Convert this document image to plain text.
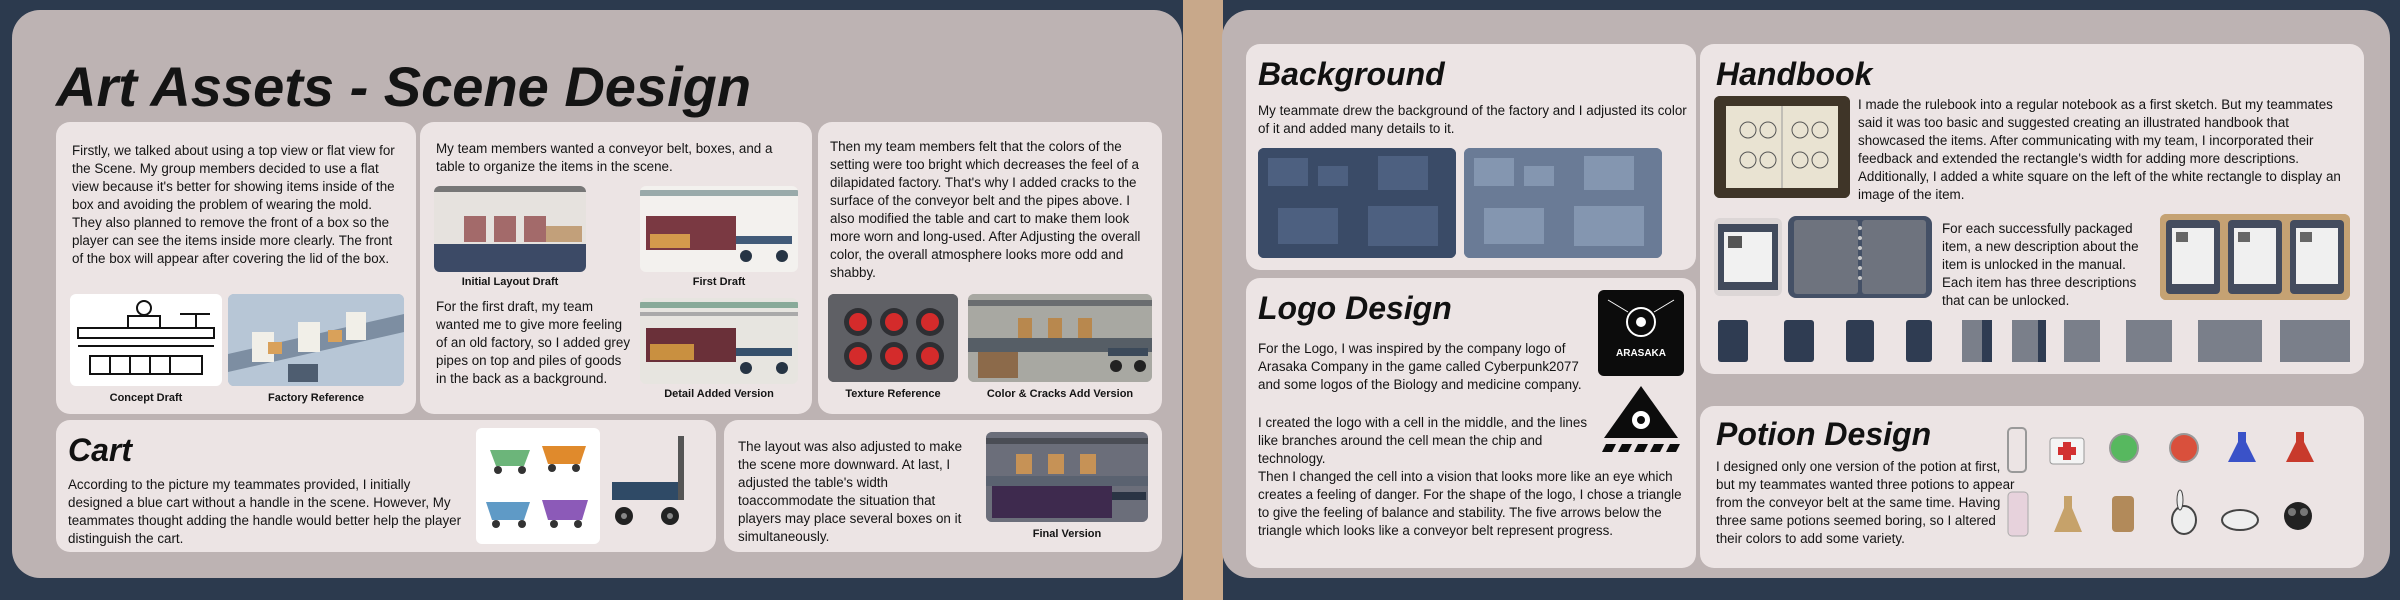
Art Assets - Scene Design
Firstly, we talked about using a top view or flat view for the Scene. My group members decided to use a flat view because it's better for showing items inside of the box and avoiding the problem of wearing the mold. They also planned to remove the front of a box so the player can see the items inside more clearly. The front of the box will appear after covering the lid of the box.
Concept Draft	Factory Reference
My team members wanted a conveyor belt, boxes, and a table to organize the items in the scene.
Initial Layout Draft	First Draft
For the first draft, my team wanted me to give more feeling of an old factory, so I added grey pipes on top and piles of goods in the back as a background.
Detail Added Version
Then my team members felt that the colors of the setting were too bright which decreases the feel of a dilapidated factory. That's why I added cracks to the surface of the conveyor belt and the pipes above. I also modified the table and cart to make them look more worn and long-used. After Adjusting the overall color, the overall atmosphere looks more odd and shabby.
Texture Reference	Color & Cracks Add Version
Cart
According to the picture my teammates provided, I initially designed a blue cart without a handle in the scene. However, My teammates thought adding the handle would better help the player distinguish the cart.
The layout was also adjusted to make the scene more downward. At last, I adjusted the table's width toaccommodate the situation that players may place several boxes on it simultaneously.	Final Version
Background
My teammate drew the background of the factory and I adjusted its color of it and added many details to it.
Logo Design
For the Logo, I was inspired by the company logo of Arasaka Company in the game called Cyberpunk2077 and some logos of the Biology and medicine company.
I created the logo with a cell in the middle, and the lines like branches around the cell mean the chip and technology.
Then I changed the cell into a vision that looks more like an eye which creates a feeling of danger. For the shape of the logo, I chose a triangle to give the feeling of balance and stability. The five arrows below the triangle which looks like a conveyor belt represent progress.
ARASAKA
Handbook
I made the rulebook into a regular notebook as a first sketch. But my teammates said it was too basic and suggested creating an illustrated handbook that showcased the items. After communicating with my team, I incorporated their feedback and extended the rectangle's width for adding more descriptions. Additionally, I added a white square on the left of the white rectangle to display an image of the item.
For each successfully packaged item, a new description about the item is unlocked in the manual. Each item has three descriptions that can be unlocked.
Potion Design
I designed only one version of the potion at first, but my teammates wanted three potions to appear from the conveyor belt at the same time. Having three same potions seemed boring, so I altered their colors to add some variety.
